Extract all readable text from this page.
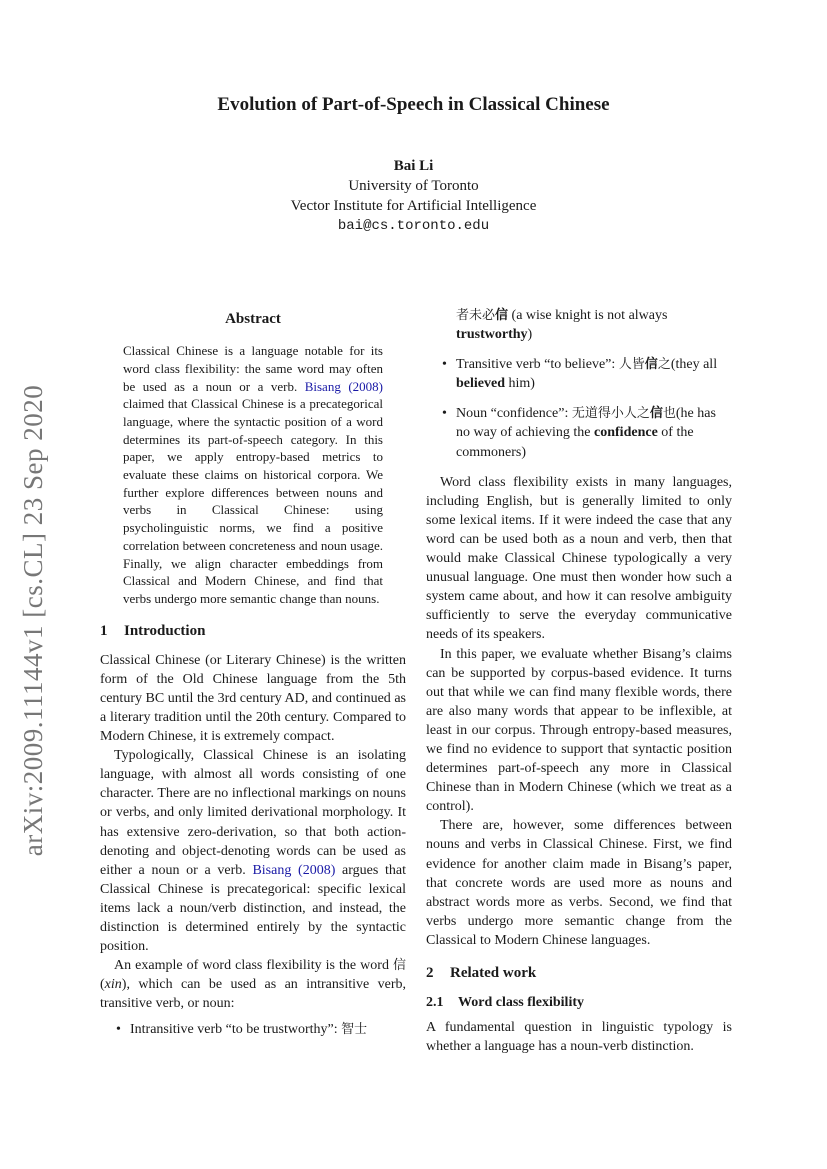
arXiv:2009.11144v1 [cs.CL] 23 Sep 2020
Evolution of Part-of-Speech in Classical Chinese
Bai Li
University of Toronto
Vector Institute for Artificial Intelligence
bai@cs.toronto.edu
Abstract

Classical Chinese is a language notable for its word class flexibility: the same word may often be used as a noun or a verb. Bisang (2008) claimed that Classical Chinese is a precategorical language, where the syntactic position of a word determines its part-of-speech category. In this paper, we apply entropy-based metrics to evaluate these claims on historical corpora. We further explore differences between nouns and verbs in Classical Chinese: using psycholinguistic norms, we find a positive correlation between concreteness and noun usage. Finally, we align character embeddings from Classical and Modern Chinese, and find that verbs undergo more semantic change than nouns.

1 Introduction

Classical Chinese (or Literary Chinese) is the written form of the Old Chinese language from the 5th century BC until the 3rd century AD, and continued as a literary tradition until the 20th century. Compared to Modern Chinese, it is extremely compact.

Typologically, Classical Chinese is an isolating language, with almost all words consisting of one character. There are no inflectional markings on nouns or verbs, and only limited derivational morphology. It has extensive zero-derivation, so that both action-denoting and object-denoting words can be used as either a noun or a verb. Bisang (2008) argues that Classical Chinese is precategorical: specific lexical items lack a noun/verb distinction, and instead, the distinction is determined entirely by the syntactic position.

An example of word class flexibility is the word 信(xin), which can be used as an intransitive verb, transitive verb, or noun:

• Intransitive verb “to be trustworthy”: 智士
者未必信 (a wise knight is not always trustworthy)
• Transitive verb “to believe”: 人皆信之(they all believed him)
• Noun “confidence”: 无道得小人之信也(he has no way of achieving the confidence of the commoners)

Word class flexibility exists in many languages, including English, but is generally limited to only some lexical items. If it were indeed the case that any word can be used both as a noun and verb, then that would make Classical Chinese typologically a very unusual language. One must then wonder how such a system came about, and how it can resolve ambiguity sufficiently to serve the everyday communicative needs of its speakers.

In this paper, we evaluate whether Bisang’s claims can be supported by corpus-based evidence. It turns out that while we can find many flexible words, there are also many words that appear to be inflexible, at least in our corpus. Through entropy-based measures, we find no evidence to support that syntactic position determines part-of-speech any more in Classical Chinese than in Modern Chinese (which we treat as a control).

There are, however, some differences between nouns and verbs in Classical Chinese. First, we find evidence for another claim made in Bisang’s paper, that concrete words are used more as nouns and abstract words more as verbs. Second, we find that verbs undergo more semantic change from the Classical to Modern Chinese languages.

2 Related work
2.1 Word class flexibility

A fundamental question in linguistic typology is whether a language has a noun-verb distinction.
